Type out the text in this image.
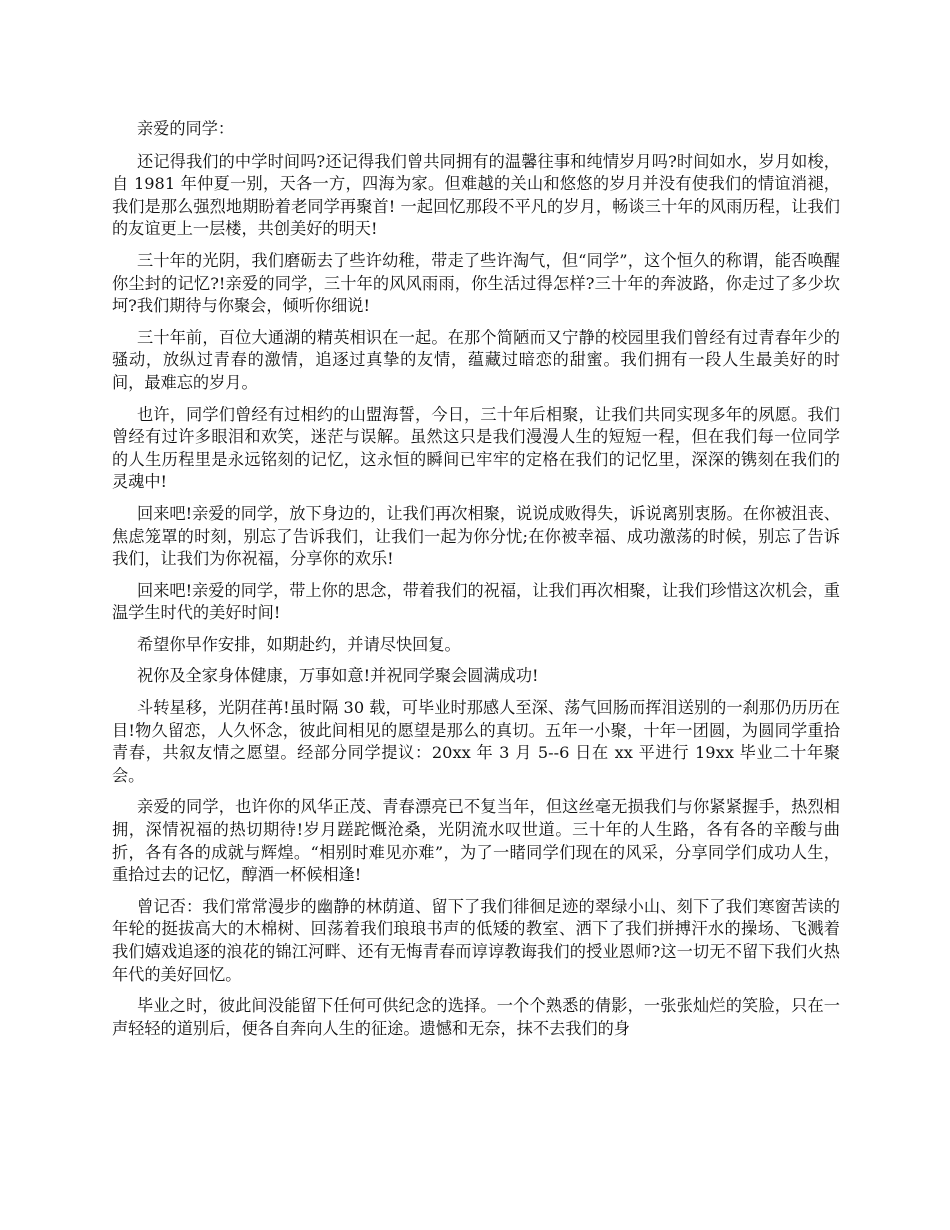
亲爱的同学：

还记得我们的中学时间吗?还记得我们曾共同拥有的温馨往事和纯情岁月吗?时间如水，岁月如梭，自 1981 年仲夏一别，天各一方，四海为家。但难越的关山和悠悠的岁月并没有使我们的情谊消褪，我们是那么强烈地期盼着老同学再聚首! 一起回忆那段不平凡的岁月，畅谈三十年的风雨历程，让我们的友谊更上一层楼，共创美好的明天!

三十年的光阴，我们磨砺去了些许幼稚，带走了些许淘气，但“同学”，这个恒久的称谓，能否唤醒你尘封的记忆?!亲爱的同学，三十年的风风雨雨，你生活过得怎样?三十年的奔波路，你走过了多少坎坷?我们期待与你聚会，倾听你细说!

三十年前，百位大通湖的精英相识在一起。在那个简陋而又宁静的校园里我们曾经有过青春年少的骚动，放纵过青春的激情，追逐过真挚的友情，蕴藏过暗恋的甜蜜。我们拥有一段人生最美好的时间，最难忘的岁月。

也许，同学们曾经有过相约的山盟海誓，今日，三十年后相聚，让我们共同实现多年的夙愿。我们曾经有过许多眼泪和欢笑，迷茫与误解。虽然这只是我们漫漫人生的短短一程，但在我们每一位同学的人生历程里是永远铭刻的记忆，这永恒的瞬间已牢牢的定格在我们的记忆里，深深的镌刻在我们的灵魂中!

回来吧!亲爱的同学，放下身边的，让我们再次相聚，说说成败得失，诉说离别衷肠。在你被沮丧、焦虑笼罩的时刻，别忘了告诉我们，让我们一起为你分忧;在你被幸福、成功激荡的时候，别忘了告诉我们，让我们为你祝福，分享你的欢乐!

回来吧!亲爱的同学，带上你的思念，带着我们的祝福，让我们再次相聚，让我们珍惜这次机会，重温学生时代的美好时间!

希望你早作安排，如期赴约，并请尽快回复。

祝你及全家身体健康，万事如意!并祝同学聚会圆满成功!

斗转星移，光阴荏苒!虽时隔 30 载，可毕业时那感人至深、荡气回肠而挥泪送别的一刹那仍历历在目!物久留恋，人久怀念，彼此间相见的愿望是那么的真切。五年一小聚，十年一团圆，为圆同学重拾青春，共叙友情之愿望。经部分同学提议：20xx 年 3 月 5--6 日在 xx 平进行 19xx 毕业二十年聚会。

亲爱的同学，也许你的风华正茂、青春漂亮已不复当年，但这丝毫无损我们与你紧紧握手，热烈相拥，深情祝福的热切期待!岁月蹉跎慨沧桑，光阴流水叹世道。三十年的人生路，各有各的辛酸与曲折，各有各的成就与辉煌。“相别时难见亦难”，为了一睹同学们现在的风采，分享同学们成功人生，重拾过去的记忆，醇酒一杯候相逢!

曾记否：我们常常漫步的幽静的林荫道、留下了我们徘徊足迹的翠绿小山、刻下了我们寒窗苦读的年轮的挺拔高大的木棉树、回荡着我们琅琅书声的低矮的教室、洒下了我们拼搏汗水的操场、飞溅着我们嬉戏追逐的浪花的锦江河畔、还有无悔青春而谆谆教诲我们的授业恩师?这一切无不留下我们火热年代的美好回忆。

毕业之时，彼此间没能留下任何可供纪念的选择。一个个熟悉的倩影，一张张灿烂的笑脸，只在一声轻轻的道别后，便各自奔向人生的征途。遗憾和无奈，抹不去我们的身
